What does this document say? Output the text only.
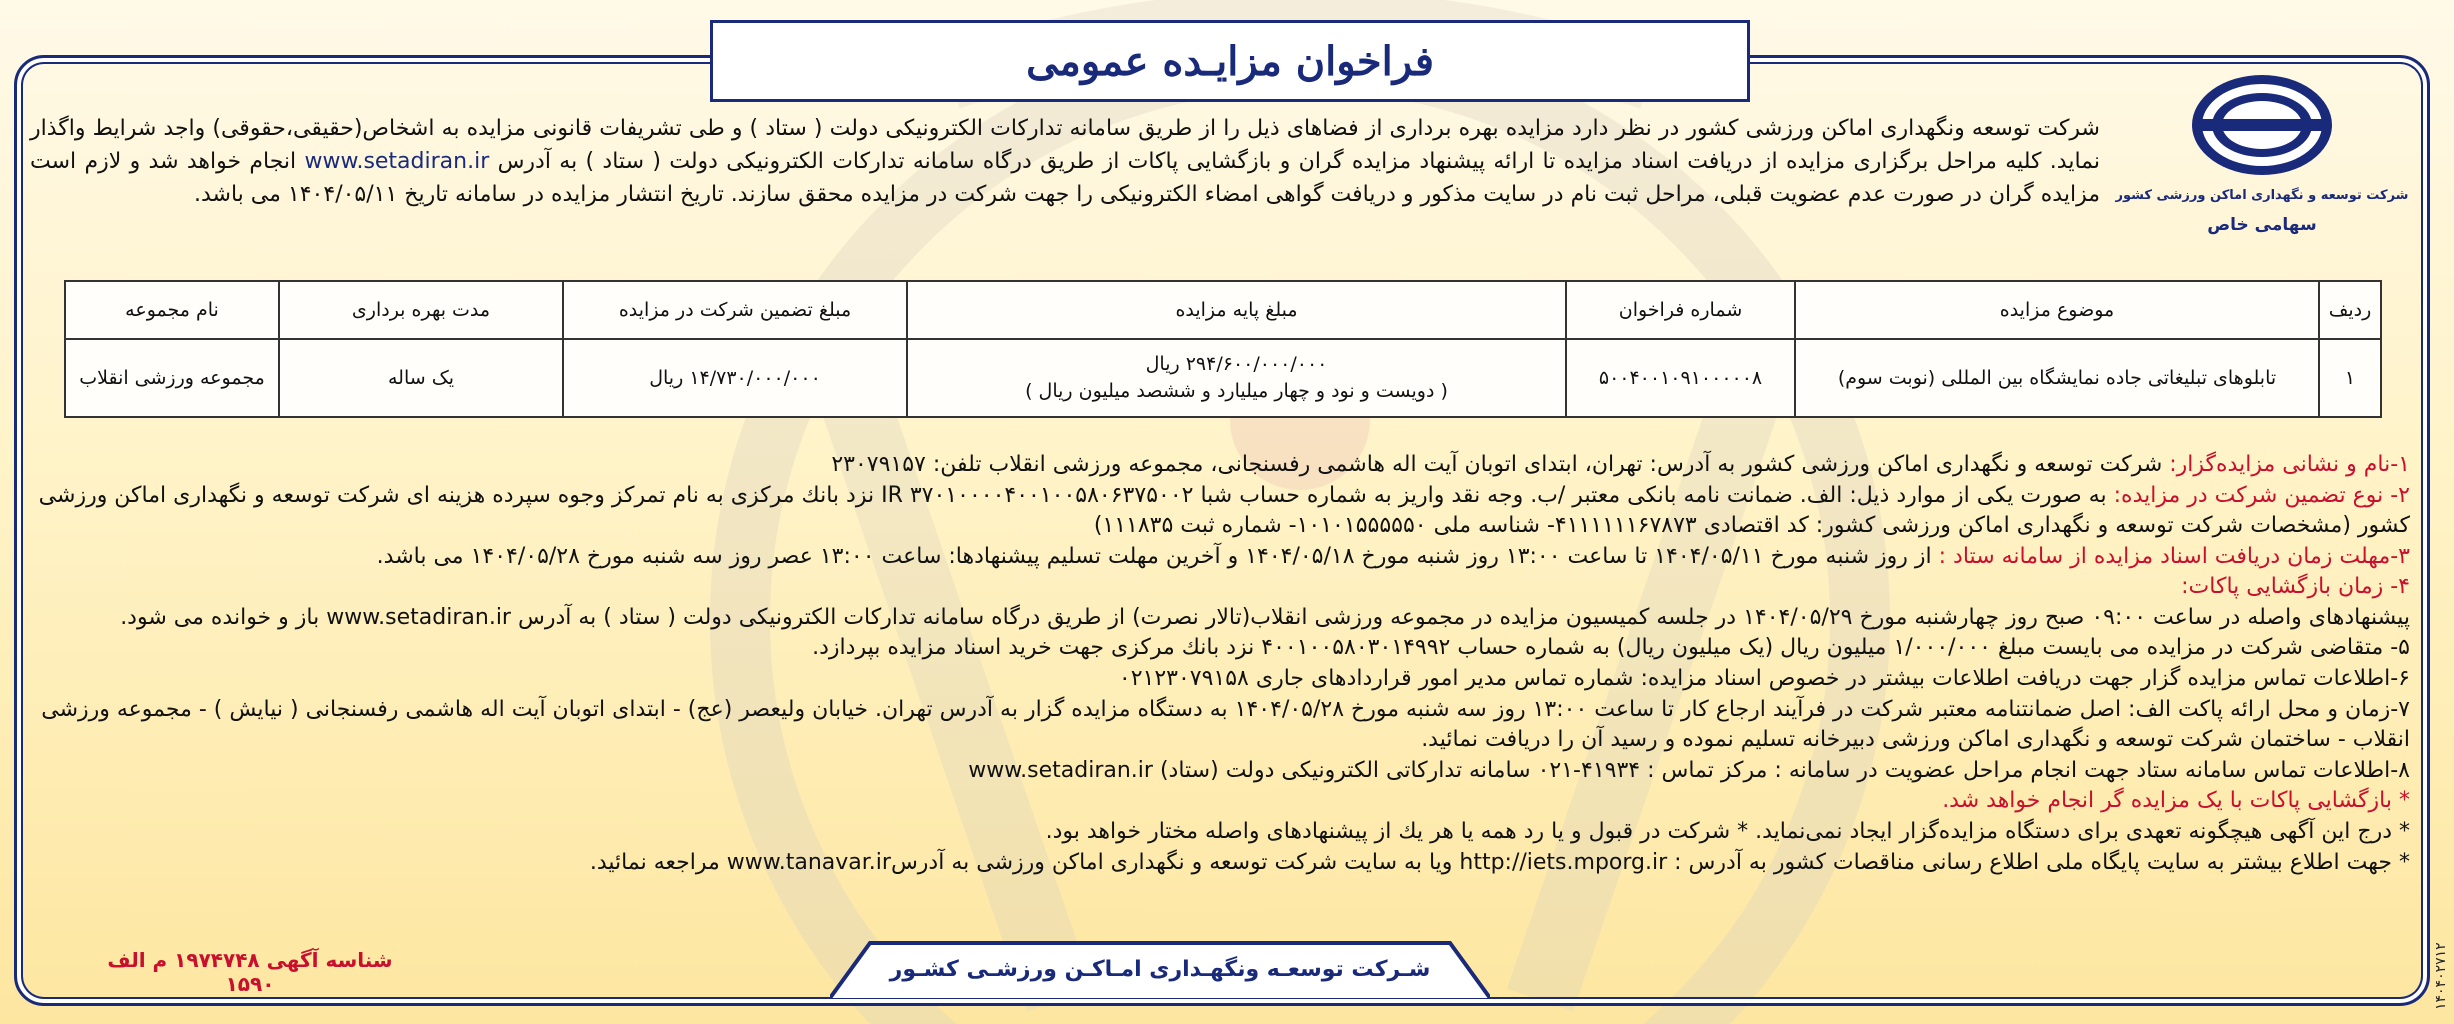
فراخوان مزایـده عمومی
شرکت توسعه و نگهداری اماکن ورزشی کشور
سهامی خاص
شرکت توسعه ونگهداری اماکن ورزشی کشور در نظر دارد مزایده بهره برداری از فضاهای ذیل را از طریق سامانه تدارکات الکترونیکی دولت ( ستاد ) و طی تشریفات قانونی مزایده به اشخاص(حقیقی،حقوقی) واجد شرایط واگذار نماید. کلیه مراحل برگزاری مزایده از دریافت اسناد مزایده تا ارائه پیشنهاد مزایده گران و بازگشایی پاکات از طریق درگاه سامانه تدارکات الکترونیکی دولت ( ستاد ) به آدرس www.setadiran.ir انجام خواهد شد و لازم است مزایده گران در صورت عدم عضویت قبلی، مراحل ثبت نام در سایت مذکور و دریافت گواهی امضاء الکترونیکی را جهت شرکت در مزایده محقق سازند. تاریخ انتشار مزایده در سامانه تاریخ ۱۴۰۴/۰۵/۱۱ می باشد.
ردیف	موضوع مزایده	شماره فراخوان	مبلغ پایه مزایده	مبلغ تضمین شرکت در مزایده	مدت بهره برداری	نام مجموعه
۱	تابلوهای تبلیغاتی جاده نمایشگاه بین المللی (نوبت سوم)	۵۰۰۴۰۰۱۰۹۱۰۰۰۰۰۸	۲۹۴/۶۰۰/۰۰۰/۰۰۰ ریال
( دویست و نود و چهار میلیارد و ششصد میلیون ریال )	۱۴/۷۳۰/۰۰۰/۰۰۰ ریال	یک ساله	مجموعه ورزشی انقلاب

۱-نام و نشانی مزایده‌گزار: شرکت توسعه و نگهداری اماکن ورزشی کشور به آدرس: تهران، ابتدای اتوبان آیت اله هاشمی رفسنجانی، مجموعه ورزشی انقلاب تلفن: ۲۳۰۷۹۱۵۷

۲- نوع تضمین شرکت در مزایده: به صورت یکی از موارد ذیل: الف. ضمانت نامه بانکی معتبر /ب. وجه نقد واریز به شماره حساب شبا IR ۳۷۰۱۰۰۰۰۴۰۰۱۰۰۵۸۰۶۳۷۵۰۰۲ نزد بانك مرکزی به نام تمرکز وجوه سپرده هزینه ای شرکت توسعه و نگهداری اماکن ورزشی کشور (مشخصات شرکت توسعه و نگهداری اماکن ورزشی کشور: کد اقتصادی ۴۱۱۱۱۱۱۶۷۸۷۳- شناسه ملی ۱۰۱۰۱۵۵۵۵۵۰- شماره ثبت ۱۱۱۸۳۵)

۳-مهلت زمان دریافت اسناد مزایده از سامانه ستاد : از روز شنبه مورخ ۱۴۰۴/۰۵/۱۱ تا ساعت ۱۳:۰۰ روز شنبه مورخ ۱۴۰۴/۰۵/۱۸ و آخرین مهلت تسلیم پیشنهادها: ساعت ۱۳:۰۰ عصر روز سه شنبه مورخ ۱۴۰۴/۰۵/۲۸ می باشد.

۴- زمان بازگشایی پاکات:

پیشنهادهای واصله در ساعت ۰۹:۰۰ صبح روز چهارشنبه مورخ ۱۴۰۴/۰۵/۲۹ در جلسه کمیسیون مزایده در مجموعه ورزشی انقلاب(تالار نصرت) از طریق درگاه سامانه تدارکات الکترونیکی دولت ( ستاد ) به آدرس www.setadiran.ir باز و خوانده می شود.

۵- متقاضی شرکت در مزایده می بایست مبلغ ۱/۰۰۰/۰۰۰ میلیون ریال (یک میلیون ریال) به شماره حساب ۴۰۰۱۰۰۵۸۰۳۰۱۴۹۹۲ نزد بانك مرکزی جهت خرید اسناد مزایده بپردازد.

۶-اطلاعات تماس مزایده گزار جهت دریافت اطلاعات بیشتر در خصوص اسناد مزایده: شماره تماس مدیر امور قراردادهای جاری ۰۲۱۲۳۰۷۹۱۵۸

۷-زمان و محل ارائه پاکت الف: اصل ضمانتنامه معتبر شرکت در فرآیند ارجاع کار تا ساعت ۱۳:۰۰ روز سه شنبه مورخ ۱۴۰۴/۰۵/۲۸ به دستگاه مزایده گزار به آدرس تهران. خیابان ولیعصر (عج) - ابتدای اتوبان آیت اله هاشمی رفسنجانی ( نیایش ) - مجموعه ورزشی انقلاب - ساختمان شرکت توسعه و نگهداری اماکن ورزشی دبیرخانه تسلیم نموده و رسید آن را دریافت نمائید.

۸-اطلاعات تماس سامانه ستاد جهت انجام مراحل عضویت در سامانه : مرکز تماس : ۴۱۹۳۴-۰۲۱ سامانه تدارکاتی الکترونیکی دولت (ستاد) www.setadiran.ir

* بازگشایی پاکات با یک مزایده گر انجام خواهد شد.

* درج این آگهی هیچگونه تعهدی برای دستگاه مزایده‌گزار ایجاد نمی‌نماید. * شرکت در قبول و یا رد همه یا هر یك از پیشنهادهای واصله مختار خواهد بود.

* جهت اطلاع بیشتر به سایت پایگاه ملی اطلاع رسانی مناقصات کشور به آدرس : http://iets.mporg.ir ویا به سایت شرکت توسعه و نگهداری اماکن ورزشی به آدرسwww.tanavar.ir مراجعه نمائید.

شـرکت توسعـه ونگهـداری امـاکـن ورزشـی کشـور
شناسه آگهی ۱۹۷۴۷۴۸ م الف ۱۵۹۰	۱۴۰۴۰۲۷۱۲
